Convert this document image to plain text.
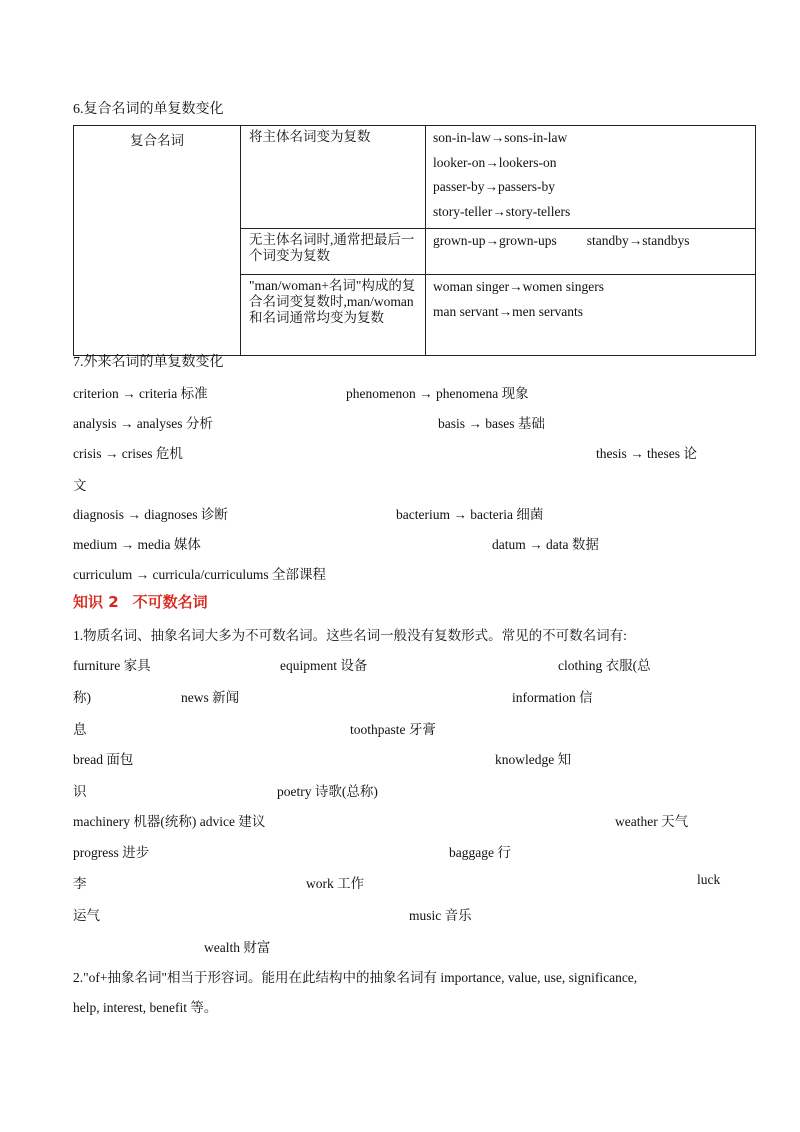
6.复合名词的单复数变化
复合名词	将主体名词变为复数	son-in-law→sons-in-law
looker-on→lookers-on
passer-by→passers-by
story-teller→story-tellers

	无主体名词时,通常把最后一个词变为复数	grown-up→grown-ups standby→standbys

	"man/woman+名词"构成的复合名词变复数时,man/woman 和名词通常均变为复数	woman singer→women singers
man servant→men servants
7.外来名词的单复数变化
criterion → criteria 标准	phenomenon → phenomena 现象
analysis → analyses 分析	basis → bases 基础
crisis → crises 危机	thesis → theses 论
文
diagnosis → diagnoses 诊断	bacterium → bacteria 细菌
medium → media 媒体	datum → data 数据
curriculum → curricula/curriculums 全部课程
知识 2 不可数名词
1.物质名词、抽象名词大多为不可数名词。这些名词一般没有复数形式。常见的不可数名词有:
furniture 家具	equipment 设备	clothing 衣服(总
称)	news 新闻	information 信
息	toothpaste 牙膏
bread 面包	knowledge 知
识	poetry 诗歌(总称)
machinery 机器(统称) advice 建议	weather 天气
progress 进步	baggage 行
李	work 工作	luck
运气	music 音乐
wealth 财富
2."of+抽象名词"相当于形容词。能用在此结构中的抽象名词有 importance, value, use, significance,
help, interest, benefit 等。
